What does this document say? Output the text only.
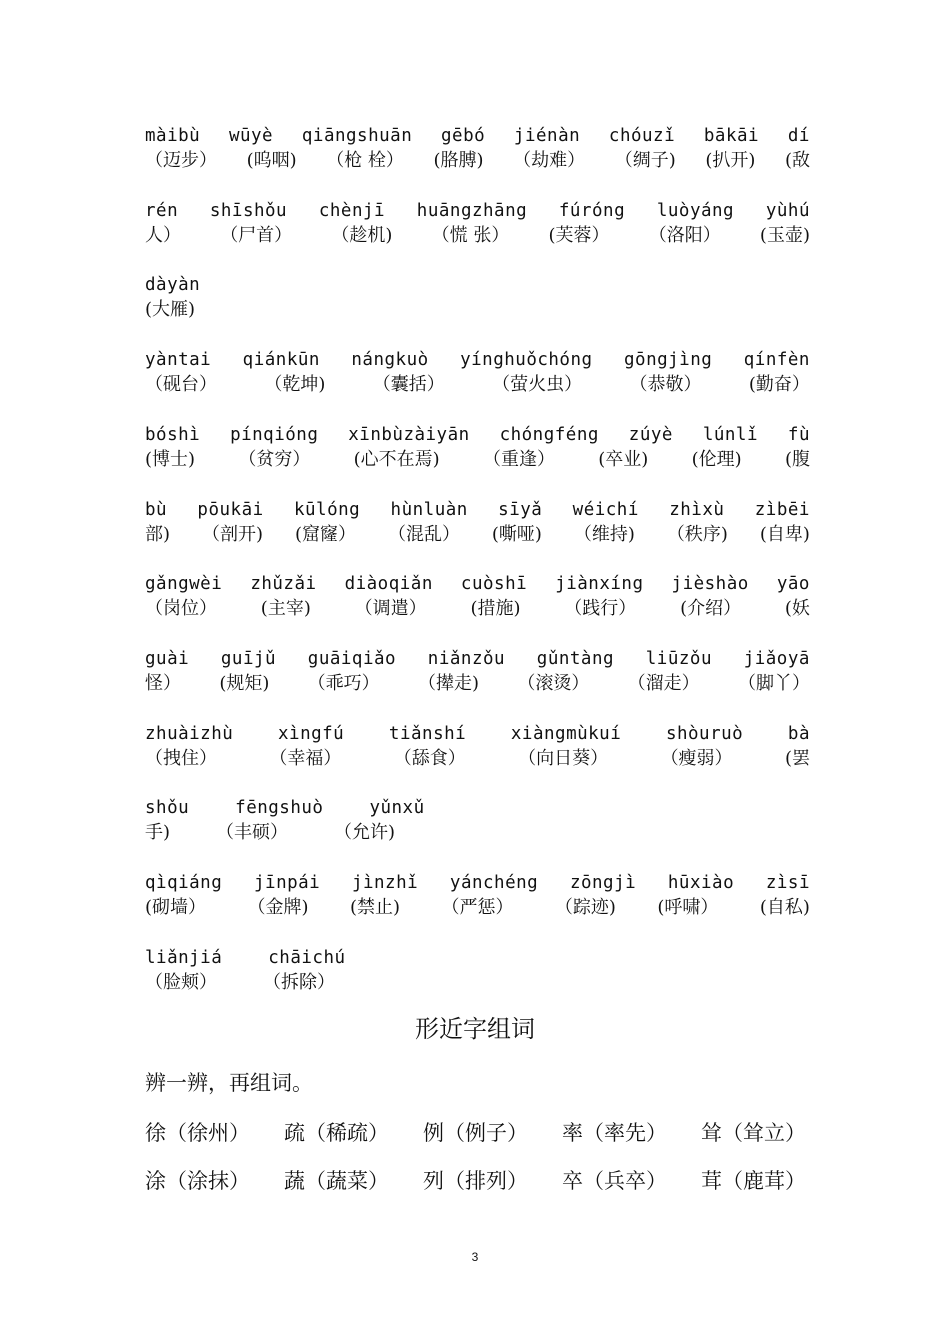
màibù wūyè qiāngshuān gēbó jiénàn chóuzǐ bākāi dí
（迈步） (呜咽) （枪 栓） (胳膊) （劫难） （绸子) (扒开) (敌
rén shīshǒu chènjī huāngzhāng fúróng luòyáng yùhú
人） （尸首） （趁机) （慌 张） (芙蓉） （洛阳） (玉壶)
dàyàn
(大雁)
yàntai qiánkūn nángkuò yínghuǒchóng gōngjìng qínfèn
（砚台）	（乾坤)	（囊括）	（萤火虫）	（恭敬）	(勤奋）
bóshì pínqióng xīnbùzàiyān chóngféng zúyè lúnlǐ fù
(博士) （贫穷） (心不在焉) （重逢） (卒业) (伦理) (腹
bù pōukāi kūlóng hùnluàn sīyǎ wéichí zhìxù zìbēi
部) （剖开) (窟窿） （混乱） (嘶哑) （维持) （秩序) (自卑)
gǎngwèi zhǔzǎi diàoqiǎn cuòshī jiànxíng jièshào yāo
（岗位） (主宰) （调遣） (措施) （践行） (介绍） (妖
guài guījǔ guāiqiǎo niǎnzǒu gǔntàng liūzǒu jiǎoyā
怪） (规矩) （乖巧） （撵走) （滚烫） （溜走） （脚丫）
zhuàizhù	xìngfú	tiǎnshí	xiàngmùkuí	shòuruò	bà
（拽住）	（幸福）	（舔食）	（向日葵）	（瘦弱）	(罢
shǒu	fēngshuò	yǔnxǔ
手)	（丰硕）	（允许)
qìqiáng jīnpái jìnzhǐ yánchéng zōngjì hūxiào zìsī
(砌墙） （金牌) (禁止) （严惩） （踪迹) (呼啸） (自私)
liǎnjiá	chāichú
（脸颊）	（拆除）
形近字组词
辨一辨，再组词。
徐（徐州） 疏（稀疏） 例（例子） 率（率先） 耸（耸立）
涂（涂抹） 蔬（蔬菜） 列（排列） 卒（兵卒） 茸（鹿茸）
3
